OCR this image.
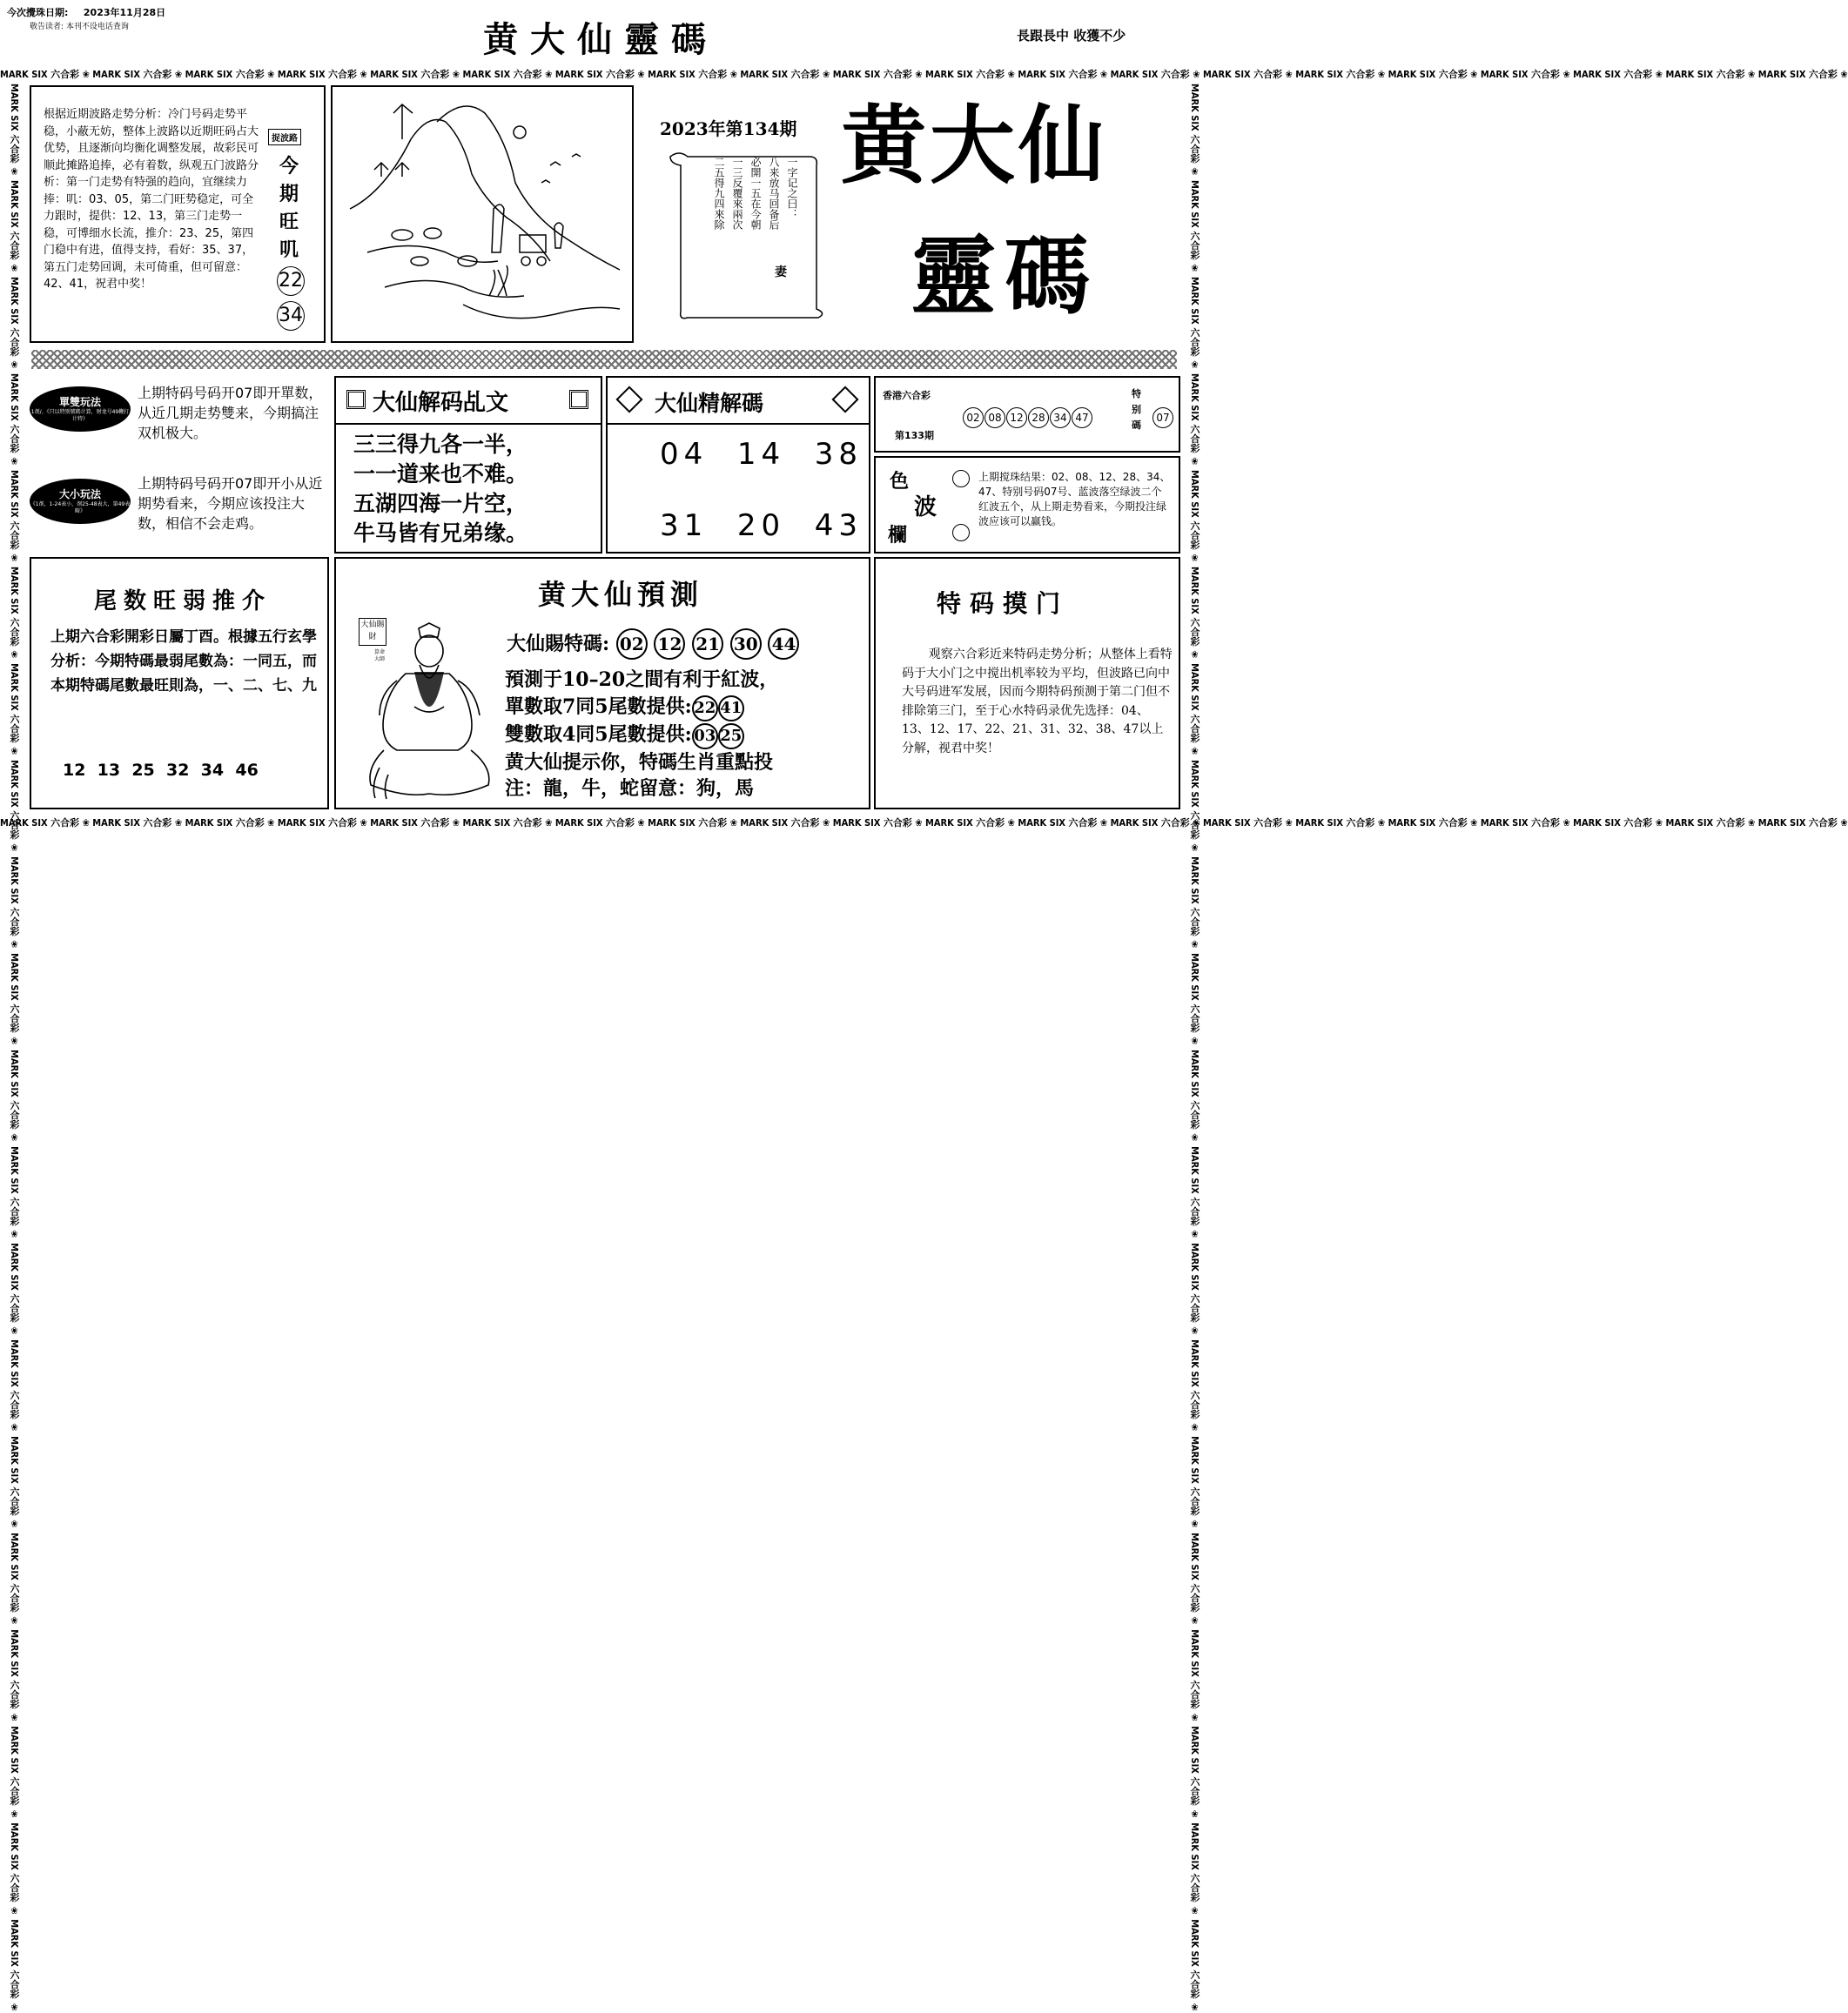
今次攪珠日期: 2023年11月28日
敬告读者: 本刊不设电话查询	黄大仙靈碼	長跟長中 收獲不少
MARK SIX 六合彩 ❀ MARK SIX 六合彩 ❀ MARK SIX 六合彩 ❀ MARK SIX 六合彩 ❀ MARK SIX 六合彩 ❀ MARK SIX 六合彩 ❀ MARK SIX 六合彩 ❀ MARK SIX 六合彩 ❀ MARK SIX 六合彩 ❀ MARK SIX 六合彩 ❀ MARK SIX 六合彩 ❀ MARK SIX 六合彩 ❀ MARK SIX 六合彩 ❀ MARK SIX 六合彩 ❀ MARK SIX 六合彩 ❀ MARK SIX 六合彩 ❀ MARK SIX 六合彩 ❀ MARK SIX 六合彩 ❀ MARK SIX 六合彩 ❀ MARK SIX 六合彩 ❀
MARK SIX 六合彩 ❀ MARK SIX 六合彩 ❀ MARK SIX 六合彩 ❀ MARK SIX 六合彩 ❀ MARK SIX 六合彩 ❀ MARK SIX 六合彩 ❀ MARK SIX 六合彩 ❀ MARK SIX 六合彩 ❀ MARK SIX 六合彩 ❀ MARK SIX 六合彩 ❀ MARK SIX 六合彩 ❀ MARK SIX 六合彩 ❀ MARK SIX 六合彩 ❀ MARK SIX 六合彩 ❀ MARK SIX 六合彩 ❀ MARK SIX 六合彩 ❀ MARK SIX 六合彩 ❀ MARK SIX 六合彩 ❀ MARK SIX 六合彩 ❀ MARK SIX 六合彩 ❀
MARK SIX 六合彩 ❀ MARK SIX 六合彩 ❀ MARK SIX 六合彩 ❀ MARK SIX 六合彩 ❀ MARK SIX 六合彩 ❀ MARK SIX 六合彩 ❀ MARK SIX 六合彩 ❀ MARK SIX 六合彩 ❀ MARK SIX 六合彩 ❀ MARK SIX 六合彩 ❀ MARK SIX 六合彩 ❀ MARK SIX 六合彩 ❀ MARK SIX 六合彩 ❀ MARK SIX 六合彩 ❀ MARK SIX 六合彩 ❀ MARK SIX 六合彩 ❀ MARK SIX 六合彩 ❀ MARK SIX 六合彩 ❀ MARK SIX 六合彩 ❀ MARK SIX 六合彩 ❀	MARK SIX 六合彩 ❀ MARK SIX 六合彩 ❀ MARK SIX 六合彩 ❀ MARK SIX 六合彩 ❀ MARK SIX 六合彩 ❀ MARK SIX 六合彩 ❀ MARK SIX 六合彩 ❀ MARK SIX 六合彩 ❀ MARK SIX 六合彩 ❀ MARK SIX 六合彩 ❀ MARK SIX 六合彩 ❀ MARK SIX 六合彩 ❀ MARK SIX 六合彩 ❀ MARK SIX 六合彩 ❀ MARK SIX 六合彩 ❀ MARK SIX 六合彩 ❀ MARK SIX 六合彩 ❀ MARK SIX 六合彩 ❀ MARK SIX 六合彩 ❀ MARK SIX 六合彩 ❀
根据近期波路走势分析：冷门号码走势平稳，小蔽无妨，整体上波路以近期旺码占大优势，且逐渐向均衡化调整发展，故彩民可顺此摊路追捧，必有着数，纵观五门波路分析：第一门走势有特强的趋向，宜继续力捧：叽：03、05，第二门旺势稳定，可全力跟时，提供：12、13，第三门走势一稳，可博细水长流，推介：23、25，第四门稳中有进，值得支持，看好：35、37，第五门走势回调，未可倚重，但可留意：42、41，祝君中奖！
捉波路
今
期
旺
叽
22
34
2023年第134期
一字记之曰：
八来放马回备后
必開一五在今朝
一三反覆來兩次
二五得九四來除
妻
黄大仙
靈碼
單雙玩法
1剤/、《只以特别號碼计算，财龙号49鞭打计特》
上期特码号码开07即开單数，从近几期走势雙来，今期搞注双机极大。
大小玩法
《1剤，1-24表小，剤25-48表大，第49表畸》
上期特码号码开07即开小从近期势看来，今期应该投注大数，相信不会走鸡。
大仙解码乩文
三三得九各一半，
一一道来也不难。
五湖四海一片空，
牛马皆有兄弟缘。
大仙精解碼
04  14  38
31  20  43
香港六合彩
第133期
02 08 12 28 34 47
特别碼
07
色
波
欄
上期搅珠结果：02、08、12、28、34、47、特别号码07号、蓝波落空绿波二个红波五个，从上期走势看来，今期投注绿波应该可以赢钱。
尾数旺弱推介
上期六合彩開彩日屬丁酉。根據五行玄學分析：今期特碼最弱尾數為：一同五，而本期特碼尾數最旺則為，一、二、七、九
12  13  25  32  34  46
黄大仙預測
大仙賜財
算命大師
大仙賜特碼: 02 12 21 30 44
預測于10–20之間有利于紅波，
單數取7同5尾數提供: 22 41
雙數取4同5尾數提供: 03 25
黄大仙提示你，特碼生肖重點投
注：龍，牛，蛇留意：狗，馬
特码摸门
观察六合彩近来特码走势分析；从整体上看特码于大小门之中搅出机率较为平均，但波路已向中大号码进军发展，因而今期特码预测于第二门但不排除第三门，至于心水特码录优先选择：04、13、12、17、22、21、31、32、38、47以上分解，视君中奖！
